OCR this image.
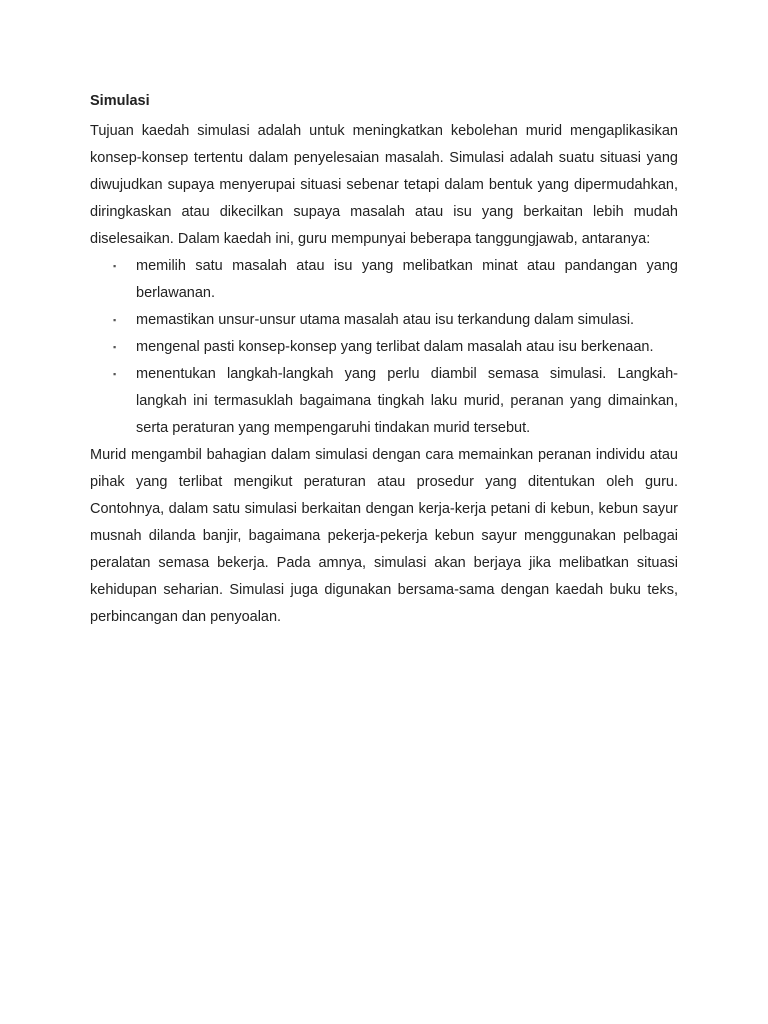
Simulasi

Tujuan kaedah simulasi adalah untuk meningkatkan kebolehan murid mengaplikasikan konsep-konsep tertentu dalam penyelesaian masalah. Simulasi adalah suatu situasi yang diwujudkan supaya menyerupai situasi sebenar tetapi dalam bentuk yang dipermudahkan, diringkaskan atau dikecilkan supaya masalah atau isu yang berkaitan lebih mudah diselesaikan. Dalam kaedah ini, guru mempunyai beberapa tanggungjawab, antaranya:

▪ memilih satu masalah atau isu yang melibatkan minat atau pandangan yang berlawanan.
▪ memastikan unsur-unsur utama masalah atau isu terkandung dalam simulasi.
▪ mengenal pasti konsep-konsep yang terlibat dalam masalah atau isu berkenaan.
▪ menentukan langkah-langkah yang perlu diambil semasa simulasi. Langkah-langkah ini termasuklah bagaimana tingkah laku murid, peranan yang dimainkan, serta peraturan yang mempengaruhi tindakan murid tersebut.

Murid mengambil bahagian dalam simulasi dengan cara memainkan peranan individu atau pihak yang terlibat mengikut peraturan atau prosedur yang ditentukan oleh guru. Contohnya, dalam satu simulasi berkaitan dengan kerja-kerja petani di kebun, kebun sayur musnah dilanda banjir, bagaimana pekerja-pekerja kebun sayur menggunakan pelbagai peralatan semasa bekerja. Pada amnya, simulasi akan berjaya jika melibatkan situasi kehidupan seharian. Simulasi juga digunakan bersama-sama dengan kaedah buku teks, perbincangan dan penyoalan.
